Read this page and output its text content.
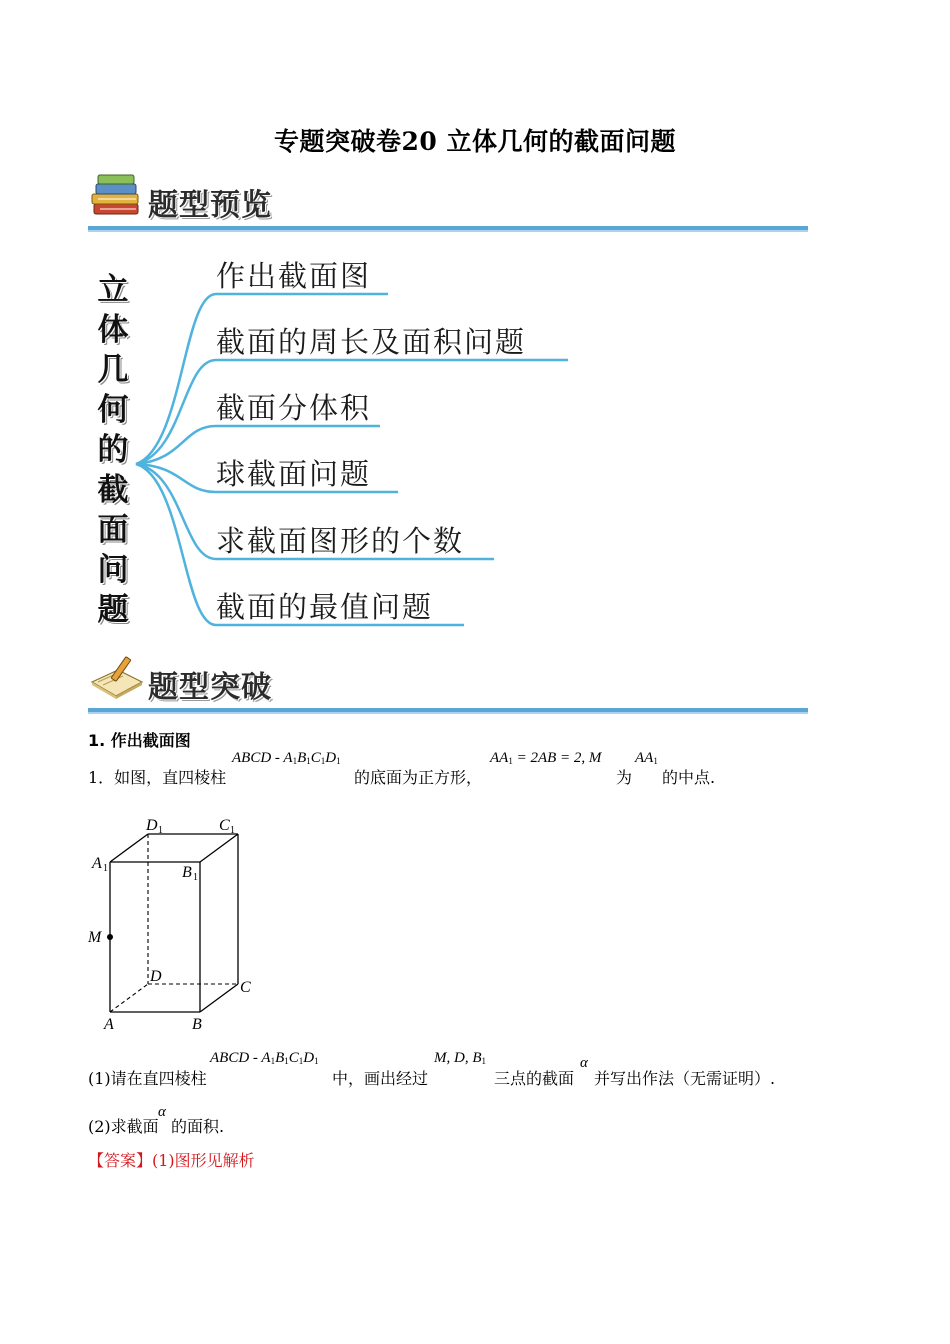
专题突破卷20 立体几何的截面问题
题型预览
立
体
几
何
的
截
面
问
题
作出截面图
截面的周长及面积问题
截面分体积
球截面问题
求截面图形的个数
截面的最值问题
题型突破
1. 作出截面图
1．如图，直四棱柱
ABCD - $A_1B_1C_1D_1$
的底面为正方形，
$AA_1 = 2AB = 2$, M
为
$AA_1$
的中点.
D 1	C 1
A 1	B 1
M
D
C
A	B
(1)请在直四棱柱
ABCD - $A_1B_1C_1D_1$
中，画出经过
M, D, $B_1$
三点的截面
α
并写出作法（无需证明）.
(2)求截面
α
的面积.
【答案】(1)图形见解析
